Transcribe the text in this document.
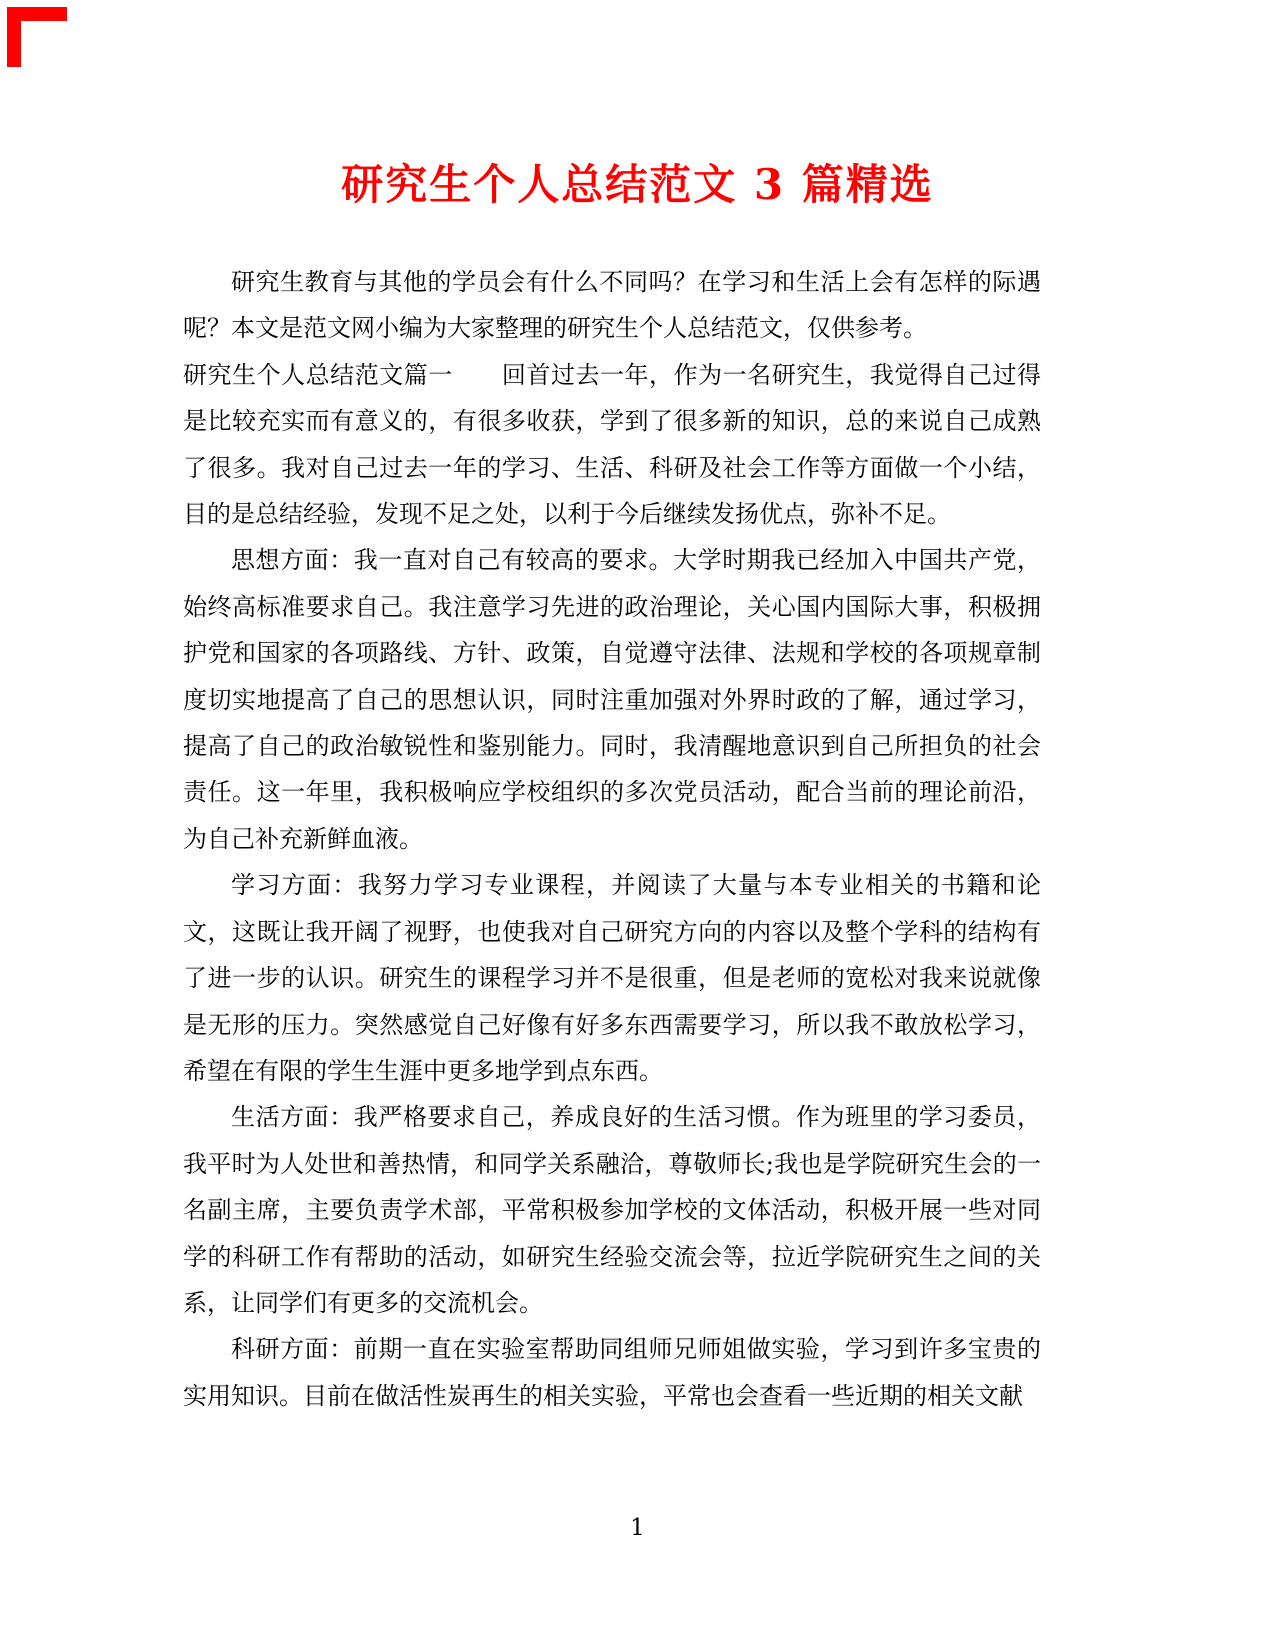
研究生个人总结范文 3 篇精选

研究生教育与其他的学员会有什么不同吗？在学习和生活上会有怎样的际遇呢？本文是范文网小编为大家整理的研究生个人总结范文，仅供参考。

研究生个人总结范文篇一　　回首过去一年，作为一名研究生，我觉得自己过得是比较充实而有意义的，有很多收获，学到了很多新的知识，总的来说自己成熟了很多。我对自己过去一年的学习、生活、科研及社会工作等方面做一个小结，目的是总结经验，发现不足之处，以利于今后继续发扬优点，弥补不足。

思想方面：我一直对自己有较高的要求。大学时期我已经加入中国共产党，始终高标准要求自己。我注意学习先进的政治理论，关心国内国际大事，积极拥护党和国家的各项路线、方针、政策，自觉遵守法律、法规和学校的各项规章制度切实地提高了自己的思想认识，同时注重加强对外界时政的了解，通过学习，提高了自己的政治敏锐性和鉴别能力。同时，我清醒地意识到自己所担负的社会责任。这一年里，我积极响应学校组织的多次党员活动，配合当前的理论前沿，为自己补充新鲜血液。

学习方面：我努力学习专业课程，并阅读了大量与本专业相关的书籍和论文，这既让我开阔了视野，也使我对自己研究方向的内容以及整个学科的结构有了进一步的认识。研究生的课程学习并不是很重，但是老师的宽松对我来说就像是无形的压力。突然感觉自己好像有好多东西需要学习，所以我不敢放松学习，希望在有限的学生生涯中更多地学到点东西。

生活方面：我严格要求自己，养成良好的生活习惯。作为班里的学习委员，我平时为人处世和善热情，和同学关系融洽，尊敬师长;我也是学院研究生会的一名副主席，主要负责学术部，平常积极参加学校的文体活动，积极开展一些对同学的科研工作有帮助的活动，如研究生经验交流会等，拉近学院研究生之间的关系，让同学们有更多的交流机会。

科研方面：前期一直在实验室帮助同组师兄师姐做实验，学习到许多宝贵的实用知识。目前在做活性炭再生的相关实验，平常也会查看一些近期的相关文献

1
